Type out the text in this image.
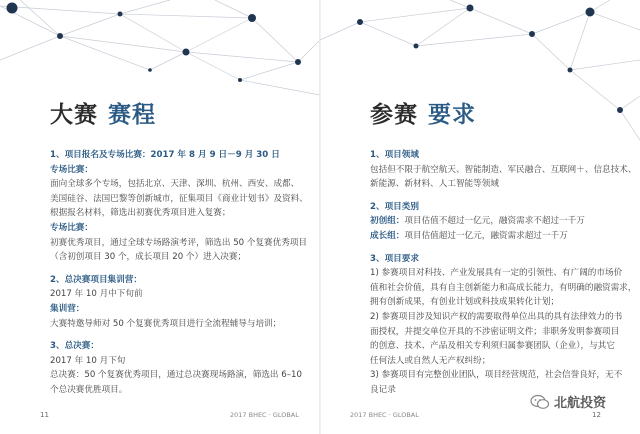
大赛 赛程
1、项目报名及专场比赛：2017 年 8 月 9 日－9 月 30 日
专场比赛：
面向全球多个专场，包括北京、天津、深圳、杭州、西安、成都、
美国硅谷、法国巴黎等创新城市，征集项目《商业计划书》及资料、
根据报名材料，筛选出初赛优秀项目进入复赛；
专场比赛：
初赛优秀项目，通过全球专场路演考评，筛选出 50 个复赛优秀项目
（含初创项目 30 个，成长项目 20 个）进入决赛；
2、总决赛项目集训营：
2017 年 10 月中下旬前
集训营：
大赛特邀导师对 50 个复赛优秀项目进行全流程辅导与培训；
3、总决赛：
2017 年 10 月下旬
总决赛：50 个复赛优秀项目，通过总决赛现场路演，筛选出 6–10
个总决赛优胜项目。
11	2017 BHEC · GLOBAL
参赛 要求
1、项目领域
包括但不限于航空航天、智能制造、军民融合、互联网＋、信息技术、
新能源、新材料、人工智能等领域
2、项目类别
初创组：项目估值不超过一亿元，融资需求不超过一千万
成长组：项目估值超过一亿元，融资需求超过一千万
3、项目要求
1) 参赛项目对科技、产业发展具有一定的引领性、有广阔的市场价
值和社会价值，具有自主创新能力和高成长能力，有明确的融资需求，
拥有创新成果，有创业计划或科技成果转化计划；
2) 参赛项目涉及知识产权的需要取得单位出具的具有法律效力的书
面授权，并提交单位开具的不涉密证明文件；非职务发明参赛项目
的创意、技术、产品及相关专利须归属参赛团队（企业），与其它
任何法人或自然人无产权纠纷；
3) 参赛项目有完整创业团队，项目经营规范，社会信誉良好，无不
良记录
2017 BHEC · GLOBAL	12
北航投资
